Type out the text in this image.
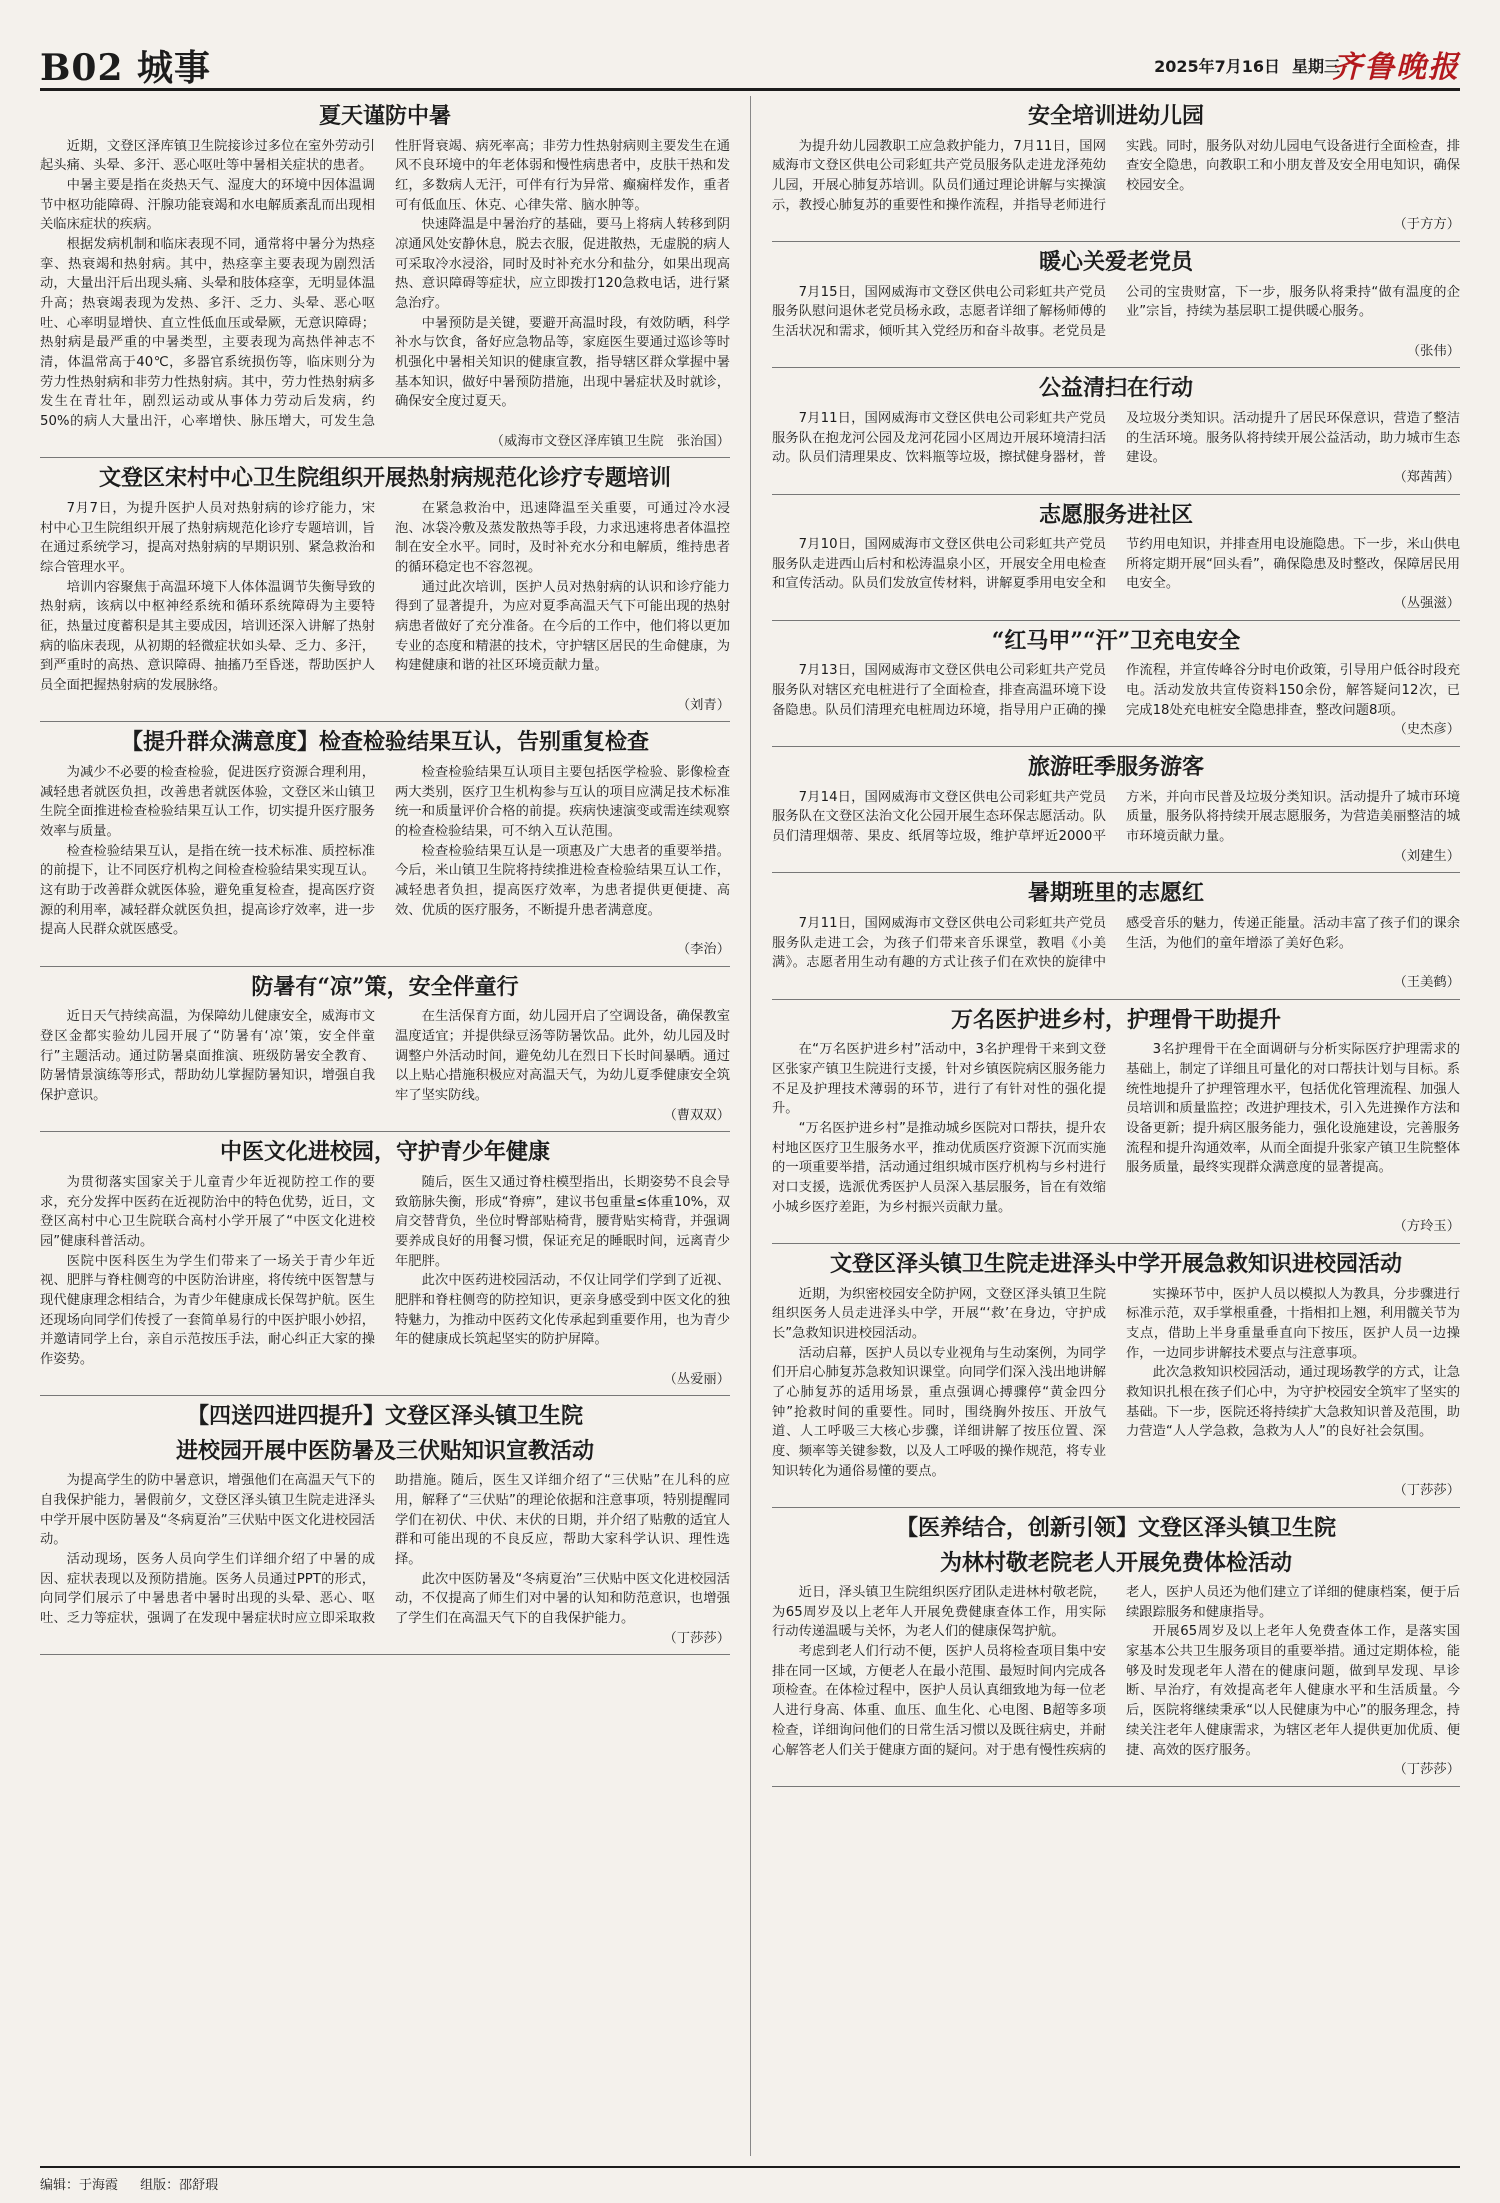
B02 城事	2025年7月16日 星期三
齐鲁晚报
夏天谨防中暑

近期，文登区泽库镇卫生院接诊过多位在室外劳动引起头痛、头晕、多汗、恶心呕吐等中暑相关症状的患者。

中暑主要是指在炎热天气、湿度大的环境中因体温调节中枢功能障碍、汗腺功能衰竭和水电解质紊乱而出现相关临床症状的疾病。

根据发病机制和临床表现不同，通常将中暑分为热痉挛、热衰竭和热射病。其中，热痉挛主要表现为剧烈活动，大量出汗后出现头痛、头晕和肢体痉挛，无明显体温升高；热衰竭表现为发热、多汗、乏力、头晕、恶心呕吐、心率明显增快、直立性低血压或晕厥，无意识障碍；热射病是最严重的中暑类型，主要表现为高热伴神志不清，体温常高于40℃，多器官系统损伤等，临床则分为劳力性热射病和非劳力性热射病。其中，劳力性热射病多发生在青壮年，剧烈运动或从事体力劳动后发病，约50%的病人大量出汗，心率增快、脉压增大，可发生急性肝肾衰竭、病死率高；非劳力性热射病则主要发生在通风不良环境中的年老体弱和慢性病患者中，皮肤干热和发红，多数病人无汗，可伴有行为异常、癫痫样发作，重者可有低血压、休克、心律失常、脑水肿等。

快速降温是中暑治疗的基础，要马上将病人转移到阴凉通风处安静休息，脱去衣服，促进散热，无虚脱的病人可采取冷水浸浴，同时及时补充水分和盐分，如果出现高热、意识障碍等症状，应立即拨打120急救电话，进行紧急治疗。

中暑预防是关键，要避开高温时段，有效防晒，科学补水与饮食，备好应急物品等，家庭医生要通过巡诊等时机强化中暑相关知识的健康宣教，指导辖区群众掌握中暑基本知识，做好中暑预防措施，出现中暑症状及时就诊，确保安全度过夏天。

（威海市文登区泽库镇卫生院　张治国）
文登区宋村中心卫生院组织开展热射病规范化诊疗专题培训

7月7日，为提升医护人员对热射病的诊疗能力，宋村中心卫生院组织开展了热射病规范化诊疗专题培训，旨在通过系统学习，提高对热射病的早期识别、紧急救治和综合管理水平。

培训内容聚焦于高温环境下人体体温调节失衡导致的热射病，该病以中枢神经系统和循环系统障碍为主要特征，热量过度蓄积是其主要成因，培训还深入讲解了热射病的临床表现，从初期的轻微症状如头晕、乏力、多汗，到严重时的高热、意识障碍、抽搐乃至昏迷，帮助医护人员全面把握热射病的发展脉络。

在紧急救治中，迅速降温至关重要，可通过冷水浸泡、冰袋冷敷及蒸发散热等手段，力求迅速将患者体温控制在安全水平。同时，及时补充水分和电解质，维持患者的循环稳定也不容忽视。

通过此次培训，医护人员对热射病的认识和诊疗能力得到了显著提升，为应对夏季高温天气下可能出现的热射病患者做好了充分准备。在今后的工作中，他们将以更加专业的态度和精湛的技术，守护辖区居民的生命健康，为构建健康和谐的社区环境贡献力量。

（刘青）
【提升群众满意度】检查检验结果互认，告别重复检查

为减少不必要的检查检验，促进医疗资源合理利用，减轻患者就医负担，改善患者就医体验，文登区米山镇卫生院全面推进检查检验结果互认工作，切实提升医疗服务效率与质量。

检查检验结果互认，是指在统一技术标准、质控标准的前提下，让不同医疗机构之间检查检验结果实现互认。这有助于改善群众就医体验，避免重复检查，提高医疗资源的利用率，减轻群众就医负担，提高诊疗效率，进一步提高人民群众就医感受。

检查检验结果互认项目主要包括医学检验、影像检查两大类别，医疗卫生机构参与互认的项目应满足技术标准统一和质量评价合格的前提。疾病快速演变或需连续观察的检查检验结果，可不纳入互认范围。

检查检验结果互认是一项惠及广大患者的重要举措。今后，米山镇卫生院将持续推进检查检验结果互认工作，减轻患者负担，提高医疗效率，为患者提供更便捷、高效、优质的医疗服务，不断提升患者满意度。

（李治）
防暑有“凉”策，安全伴童行

近日天气持续高温，为保障幼儿健康安全，威海市文登区金都实验幼儿园开展了“防暑有‘凉’策，安全伴童行”主题活动。通过防暑桌面推演、班级防暑安全教育、防暑情景演练等形式，帮助幼儿掌握防暑知识，增强自我保护意识。

在生活保育方面，幼儿园开启了空调设备，确保教室温度适宜；并提供绿豆汤等防暑饮品。此外，幼儿园及时调整户外活动时间，避免幼儿在烈日下长时间暴晒。通过以上贴心措施积极应对高温天气，为幼儿夏季健康安全筑牢了坚实防线。

（曹双双）
中医文化进校园，守护青少年健康

为贯彻落实国家关于儿童青少年近视防控工作的要求，充分发挥中医药在近视防治中的特色优势，近日，文登区高村中心卫生院联合高村小学开展了“中医文化进校园”健康科普活动。

医院中医科医生为学生们带来了一场关于青少年近视、肥胖与脊柱侧弯的中医防治讲座，将传统中医智慧与现代健康理念相结合，为青少年健康成长保驾护航。医生还现场向同学们传授了一套简单易行的中医护眼小妙招，并邀请同学上台，亲自示范按压手法，耐心纠正大家的操作姿势。

随后，医生又通过脊柱模型指出，长期姿势不良会导致筋脉失衡，形成“脊痹”，建议书包重量≤体重10%，双肩交替背负，坐位时臀部贴椅背，腰背贴实椅背，并强调要养成良好的用餐习惯，保证充足的睡眠时间，远离青少年肥胖。

此次中医药进校园活动，不仅让同学们学到了近视、肥胖和脊柱侧弯的防控知识，更亲身感受到中医文化的独特魅力，为推动中医药文化传承起到重要作用，也为青少年的健康成长筑起坚实的防护屏障。

（丛爱丽）
【四送四进四提升】文登区泽头镇卫生院
进校园开展中医防暑及三伏贴知识宣教活动

为提高学生的防中暑意识，增强他们在高温天气下的自我保护能力，暑假前夕，文登区泽头镇卫生院走进泽头中学开展中医防暑及“冬病夏治”三伏贴中医文化进校园活动。

活动现场，医务人员向学生们详细介绍了中暑的成因、症状表现以及预防措施。医务人员通过PPT的形式，向同学们展示了中暑患者中暑时出现的头晕、恶心、呕吐、乏力等症状，强调了在发现中暑症状时应立即采取救助措施。随后，医生又详细介绍了“三伏贴”在儿科的应用，解释了“三伏贴”的理论依据和注意事项，特别提醒同学们在初伏、中伏、末伏的日期，并介绍了贴敷的适宜人群和可能出现的不良反应，帮助大家科学认识、理性选择。

此次中医防暑及“冬病夏治”三伏贴中医文化进校园活动，不仅提高了师生们对中暑的认知和防范意识，也增强了学生们在高温天气下的自我保护能力。

（丁莎莎）
安全培训进幼儿园

为提升幼儿园教职工应急救护能力，7月11日，国网威海市文登区供电公司彩虹共产党员服务队走进龙泽苑幼儿园，开展心肺复苏培训。队员们通过理论讲解与实操演示，教授心肺复苏的重要性和操作流程，并指导老师进行实践。同时，服务队对幼儿园电气设备进行全面检查，排查安全隐患，向教职工和小朋友普及安全用电知识，确保校园安全。

（于方方）
暖心关爱老党员

7月15日，国网威海市文登区供电公司彩虹共产党员服务队慰问退休老党员杨永政，志愿者详细了解杨师傅的生活状况和需求，倾听其入党经历和奋斗故事。老党员是公司的宝贵财富，下一步，服务队将秉持“做有温度的企业”宗旨，持续为基层职工提供暖心服务。

（张伟）
公益清扫在行动

7月11日，国网威海市文登区供电公司彩虹共产党员服务队在抱龙河公园及龙河花园小区周边开展环境清扫活动。队员们清理果皮、饮料瓶等垃圾，擦拭健身器材，普及垃圾分类知识。活动提升了居民环保意识，营造了整洁的生活环境。服务队将持续开展公益活动，助力城市生态建设。

（郑茜茜）
志愿服务进社区

7月10日，国网威海市文登区供电公司彩虹共产党员服务队走进西山后村和松涛温泉小区，开展安全用电检查和宣传活动。队员们发放宣传材料，讲解夏季用电安全和节约用电知识，并排查用电设施隐患。下一步，米山供电所将定期开展“回头看”，确保隐患及时整改，保障居民用电安全。

（丛强滋）
“红马甲”“汗”卫充电安全

7月13日，国网威海市文登区供电公司彩虹共产党员服务队对辖区充电桩进行了全面检查，排查高温环境下设备隐患。队员们清理充电桩周边环境，指导用户正确的操作流程，并宣传峰谷分时电价政策，引导用户低谷时段充电。活动发放共宣传资料150余份，解答疑问12次，已完成18处充电桩安全隐患排查，整改问题8项。

（史杰彦）
旅游旺季服务游客

7月14日，国网威海市文登区供电公司彩虹共产党员服务队在文登区法治文化公园开展生态环保志愿活动。队员们清理烟蒂、果皮、纸屑等垃圾，维护草坪近2000平方米，并向市民普及垃圾分类知识。活动提升了城市环境质量，服务队将持续开展志愿服务，为营造美丽整洁的城市环境贡献力量。

（刘建生）
暑期班里的志愿红

7月11日，国网威海市文登区供电公司彩虹共产党员服务队走进工会，为孩子们带来音乐课堂，教唱《小美满》。志愿者用生动有趣的方式让孩子们在欢快的旋律中感受音乐的魅力，传递正能量。活动丰富了孩子们的课余生活，为他们的童年增添了美好色彩。

（王美鹤）
万名医护进乡村，护理骨干助提升

在“万名医护进乡村”活动中，3名护理骨干来到文登区张家产镇卫生院进行支援，针对乡镇医院病区服务能力不足及护理技术薄弱的环节，进行了有针对性的强化提升。

“万名医护进乡村”是推动城乡医院对口帮扶，提升农村地区医疗卫生服务水平，推动优质医疗资源下沉而实施的一项重要举措，活动通过组织城市医疗机构与乡村进行对口支援，选派优秀医护人员深入基层服务，旨在有效缩小城乡医疗差距，为乡村振兴贡献力量。

3名护理骨干在全面调研与分析实际医疗护理需求的基础上，制定了详细且可量化的对口帮扶计划与目标。系统性地提升了护理管理水平，包括优化管理流程、加强人员培训和质量监控；改进护理技术，引入先进操作方法和设备更新；提升病区服务能力，强化设施建设，完善服务流程和提升沟通效率，从而全面提升张家产镇卫生院整体服务质量，最终实现群众满意度的显著提高。

（方玲玉）
文登区泽头镇卫生院走进泽头中学开展急救知识进校园活动

近期，为织密校园安全防护网，文登区泽头镇卫生院组织医务人员走进泽头中学，开展“‘救’在身边，守护成长”急救知识进校园活动。

活动启幕，医护人员以专业视角与生动案例，为同学们开启心肺复苏急救知识课堂。向同学们深入浅出地讲解了心肺复苏的适用场景，重点强调心搏骤停“黄金四分钟”抢救时间的重要性。同时，围绕胸外按压、开放气道、人工呼吸三大核心步骤，详细讲解了按压位置、深度、频率等关键参数，以及人工呼吸的操作规范，将专业知识转化为通俗易懂的要点。

实操环节中，医护人员以模拟人为教具，分步骤进行标准示范，双手掌根重叠，十指相扣上翘，利用髋关节为支点，借助上半身重量垂直向下按压，医护人员一边操作，一边同步讲解技术要点与注意事项。

此次急救知识校园活动，通过现场教学的方式，让急救知识扎根在孩子们心中，为守护校园安全筑牢了坚实的基础。下一步，医院还将持续扩大急救知识普及范围，助力营造“人人学急救，急救为人人”的良好社会氛围。

（丁莎莎）
【医养结合，创新引领】文登区泽头镇卫生院
为林村敬老院老人开展免费体检活动

近日，泽头镇卫生院组织医疗团队走进林村敬老院，为65周岁及以上老年人开展免费健康查体工作，用实际行动传递温暖与关怀，为老人们的健康保驾护航。

考虑到老人们行动不便，医护人员将检查项目集中安排在同一区域，方便老人在最小范围、最短时间内完成各项检查。在体检过程中，医护人员认真细致地为每一位老人进行身高、体重、血压、血生化、心电图、B超等多项检查，详细询问他们的日常生活习惯以及既往病史，并耐心解答老人们关于健康方面的疑问。对于患有慢性疾病的老人，医护人员还为他们建立了详细的健康档案，便于后续跟踪服务和健康指导。

开展65周岁及以上老年人免费查体工作，是落实国家基本公共卫生服务项目的重要举措。通过定期体检，能够及时发现老年人潜在的健康问题，做到早发现、早诊断、早治疗，有效提高老年人健康水平和生活质量。今后，医院将继续秉承“以人民健康为中心”的服务理念，持续关注老年人健康需求，为辖区老年人提供更加优质、便捷、高效的医疗服务。

（丁莎莎）
编辑：于海霞 组版：邵舒瑕
